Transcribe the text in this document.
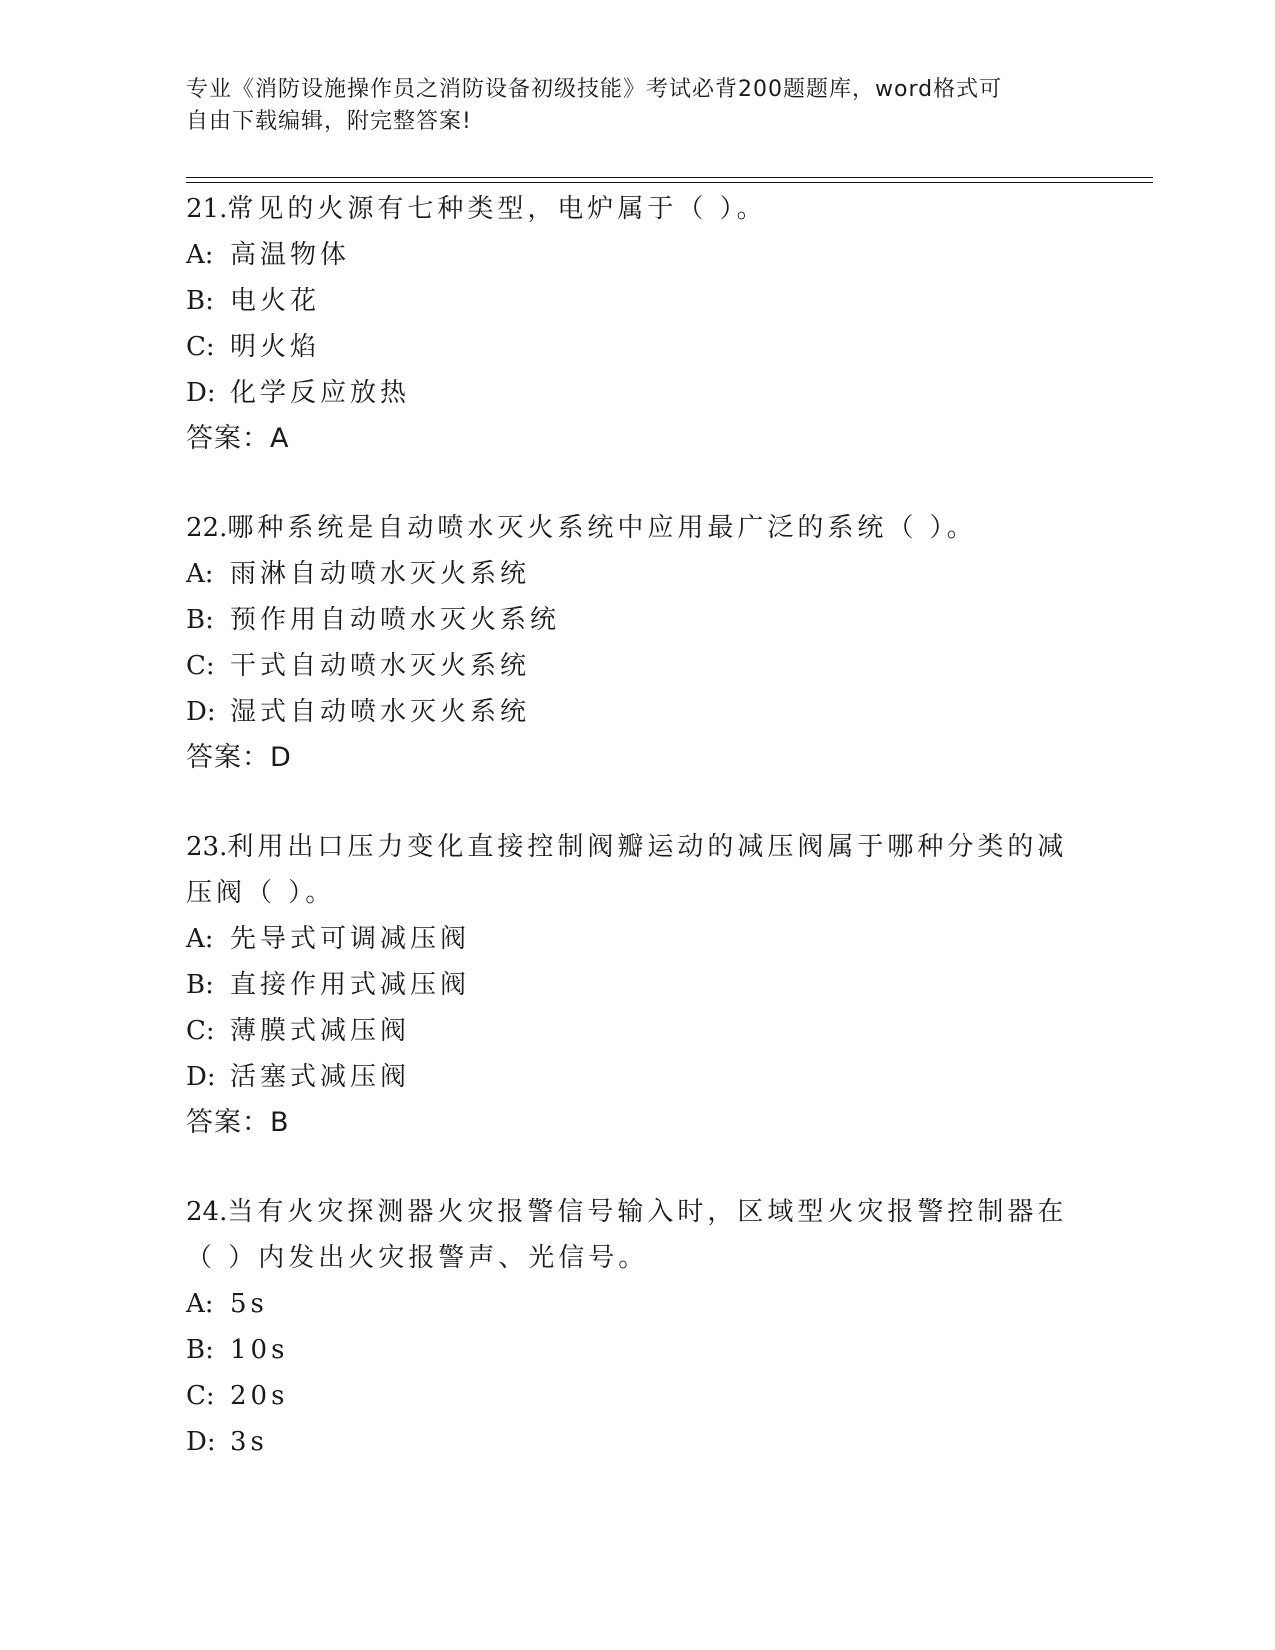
专业《消防设施操作员之消防设备初级技能》考试必背200题题库，word格式可
自由下载编辑，附完整答案!
21.常见的火源有七种类型，电炉属于（ ）。
A: 高温物体
B: 电火花
C: 明火焰
D: 化学反应放热
答案：A
22.哪种系统是自动喷水灭火系统中应用最广泛的系统（ ）。
A: 雨淋自动喷水灭火系统
B: 预作用自动喷水灭火系统
C: 干式自动喷水灭火系统
D: 湿式自动喷水灭火系统
答案：D
23.利用出口压力变化直接控制阀瓣运动的减压阀属于哪种分类的减压阀（ ）。
A: 先导式可调减压阀
B: 直接作用式减压阀
C: 薄膜式减压阀
D: 活塞式减压阀
答案：B
24.当有火灾探测器火灾报警信号输入时，区域型火灾报警控制器在（ ）内发出火灾报警声、光信号。
A: 5s
B: 10s
C: 20s
D: 3s
